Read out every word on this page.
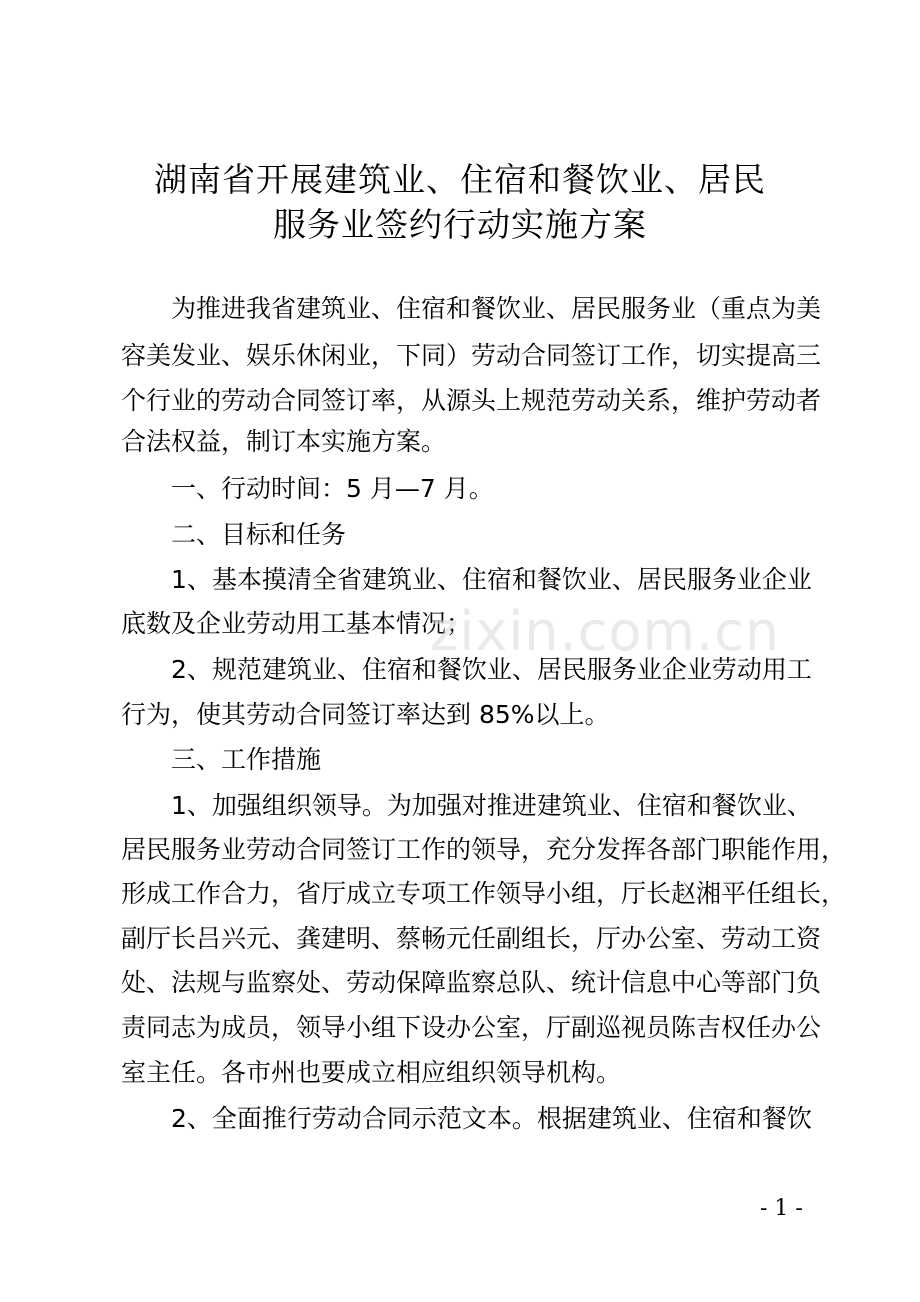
湖南省开展建筑业、住宿和餐饮业、居民
服务业签约行动实施方案
为推进我省建筑业、住宿和餐饮业、居民服务业（重点为美
容美发业、娱乐休闲业，下同）劳动合同签订工作，切实提高三
个行业的劳动合同签订率，从源头上规范劳动关系，维护劳动者
合法权益，制订本实施方案。
一、行动时间：5 月—7 月。
二、目标和任务
1、基本摸清全省建筑业、住宿和餐饮业、居民服务业企业
底数及企业劳动用工基本情况；
2、规范建筑业、住宿和餐饮业、居民服务业企业劳动用工
行为，使其劳动合同签订率达到 85%以上。
三、工作措施
1、加强组织领导。为加强对推进建筑业、住宿和餐饮业、
居民服务业劳动合同签订工作的领导，充分发挥各部门职能作用，
形成工作合力，省厅成立专项工作领导小组，厅长赵湘平任组长，
副厅长吕兴元、龚建明、蔡畅元任副组长，厅办公室、劳动工资
处、法规与监察处、劳动保障监察总队、统计信息中心等部门负
责同志为成员，领导小组下设办公室，厅副巡视员陈吉权任办公
室主任。各市州也要成立相应组织领导机构。
2、全面推行劳动合同示范文本。根据建筑业、住宿和餐饮
zixin.com.cn
- 1 -
